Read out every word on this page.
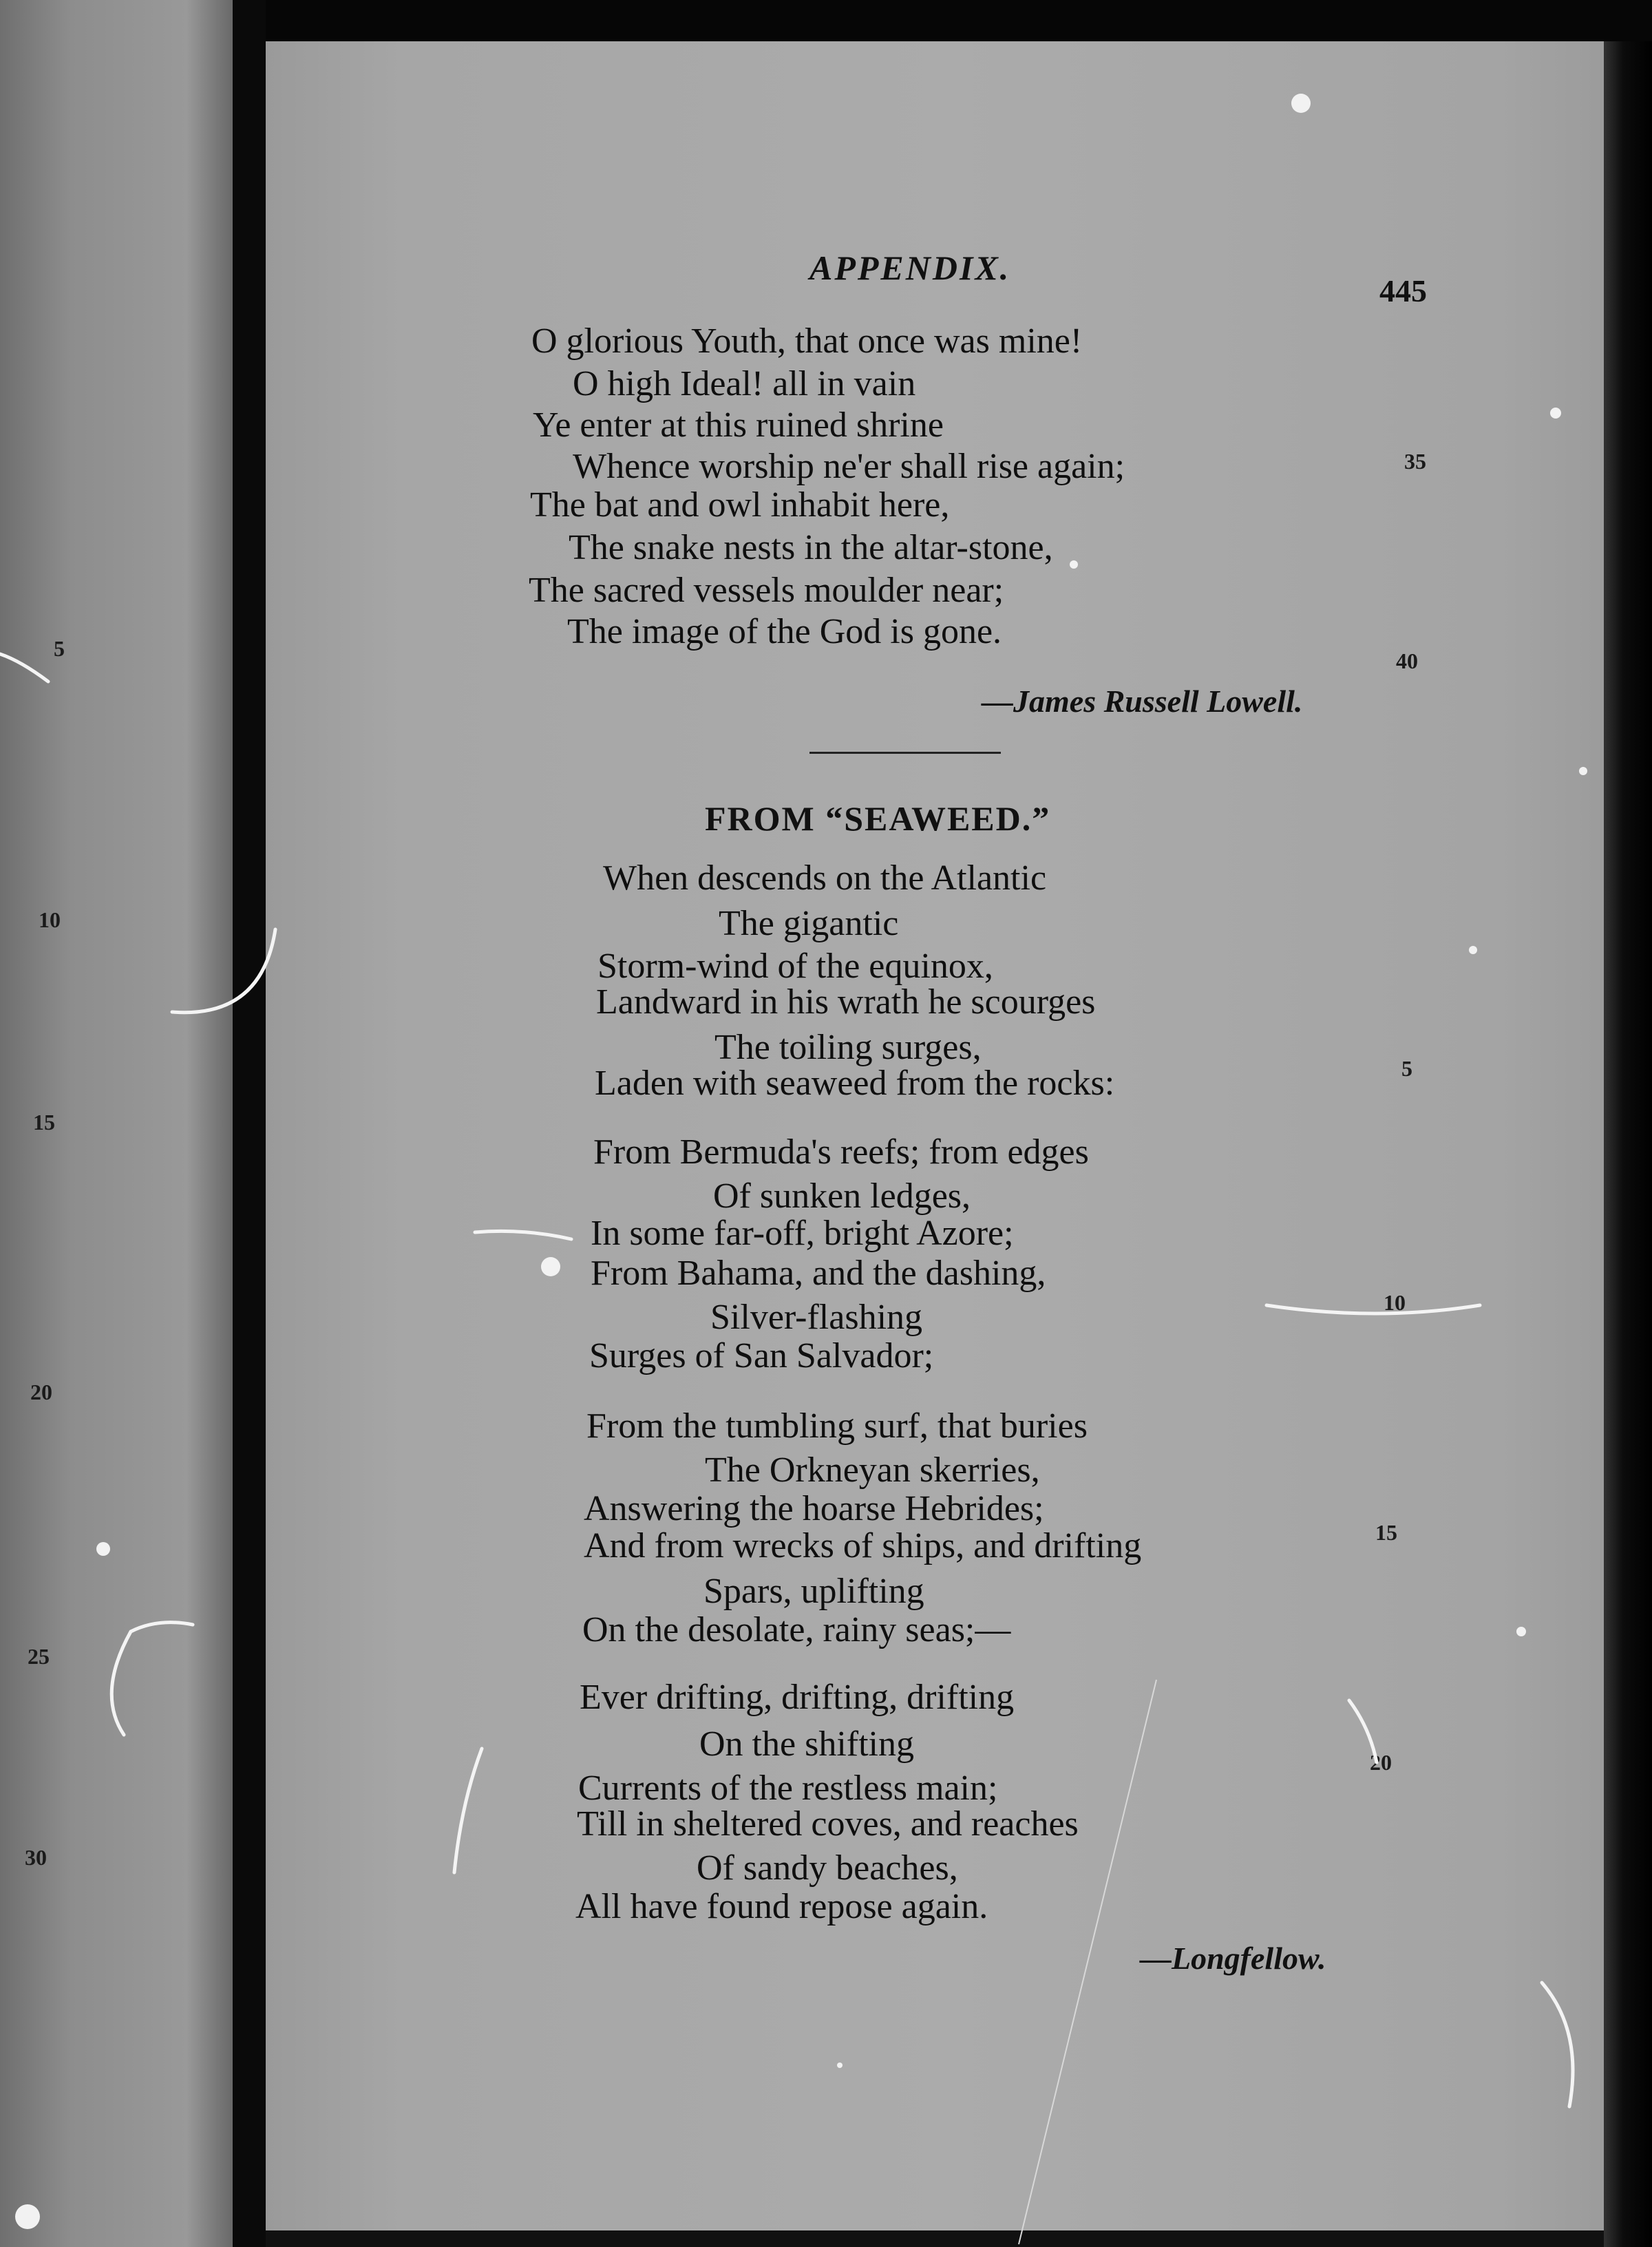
5
10
15
20
25
30
APPENDIX.
445
O glorious Youth, that once was mine!
O high Ideal! all in vain
Ye enter at this ruined shrine
Whence worship ne'er shall rise again;
The bat and owl inhabit here,
The snake nests in the altar-stone,
The sacred vessels moulder near;
The image of the God is gone.
35
40
—James Russell Lowell.
FROM “SEAWEED.”
When descends on the Atlantic
The gigantic
Storm-wind of the equinox,
Landward in his wrath he scourges
The toiling surges,
Laden with seaweed from the rocks:
From Bermuda's reefs; from edges
Of sunken ledges,
In some far-off, bright Azore;
From Bahama, and the dashing,
Silver-flashing
Surges of San Salvador;
From the tumbling surf, that buries
The Orkneyan skerries,
Answering the hoarse Hebrides;
And from wrecks of ships, and drifting
Spars, uplifting
On the desolate, rainy seas;—
Ever drifting, drifting, drifting
On the shifting
Currents of the restless main;
Till in sheltered coves, and reaches
Of sandy beaches,
All have found repose again.
5
10
15
20
—Longfellow.
